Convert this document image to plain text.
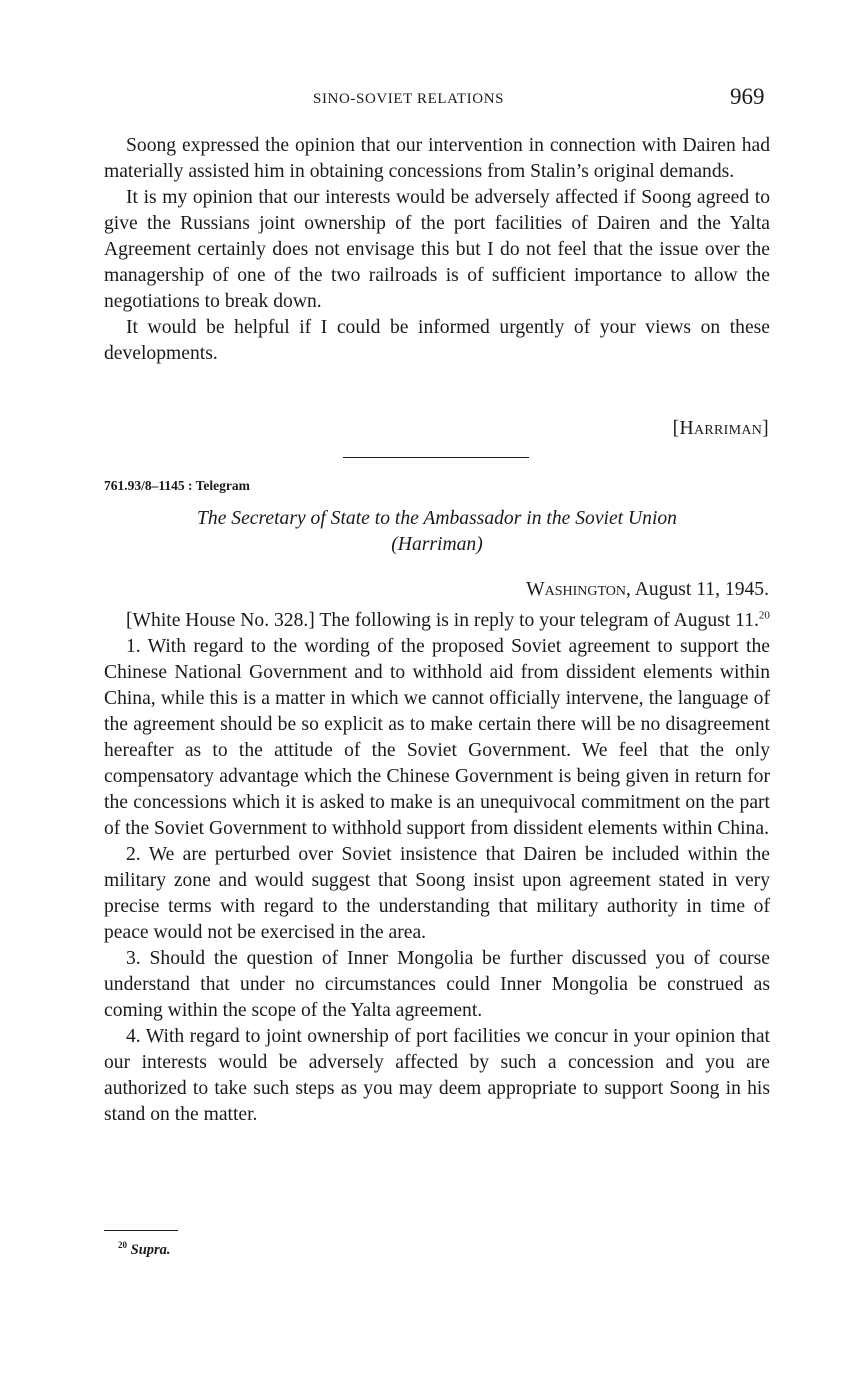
SINO-SOVIET RELATIONS	969

Soong expressed the opinion that our intervention in connection with Dairen had materially assisted him in obtaining concessions from Stalin’s original demands.

It is my opinion that our interests would be adversely affected if Soong agreed to give the Russians joint ownership of the port facilities of Dairen and the Yalta Agreement certainly does not envisage this but I do not feel that the issue over the managership of one of the two railroads is of sufficient importance to allow the negotiations to break down.

It would be helpful if I could be informed urgently of your views on these developments.

[Harriman]
761.93/8–1145 : Telegram
The Secretary of State to the Ambassador in the Soviet Union
(Harriman)
Washington, August 11, 1945.

[White House No. 328.] The following is in reply to your telegram of August 11.20

1. With regard to the wording of the proposed Soviet agreement to support the Chinese National Government and to withhold aid from dissident elements within China, while this is a matter in which we cannot officially intervene, the language of the agreement should be so explicit as to make certain there will be no disagreement hereafter as to the attitude of the Soviet Government. We feel that the only compensatory advantage which the Chinese Government is being given in return for the concessions which it is asked to make is an unequivocal commitment on the part of the Soviet Government to withhold support from dissident elements within China.

2. We are perturbed over Soviet insistence that Dairen be included within the military zone and would suggest that Soong insist upon agreement stated in very precise terms with regard to the understanding that military authority in time of peace would not be exercised in the area.

3. Should the question of Inner Mongolia be further discussed you of course understand that under no circumstances could Inner Mongolia be construed as coming within the scope of the Yalta agreement.

4. With regard to joint ownership of port facilities we concur in your opinion that our interests would be adversely affected by such a concession and you are authorized to take such steps as you may deem appropriate to support Soong in his stand on the matter.

$^{20}$ Supra.
